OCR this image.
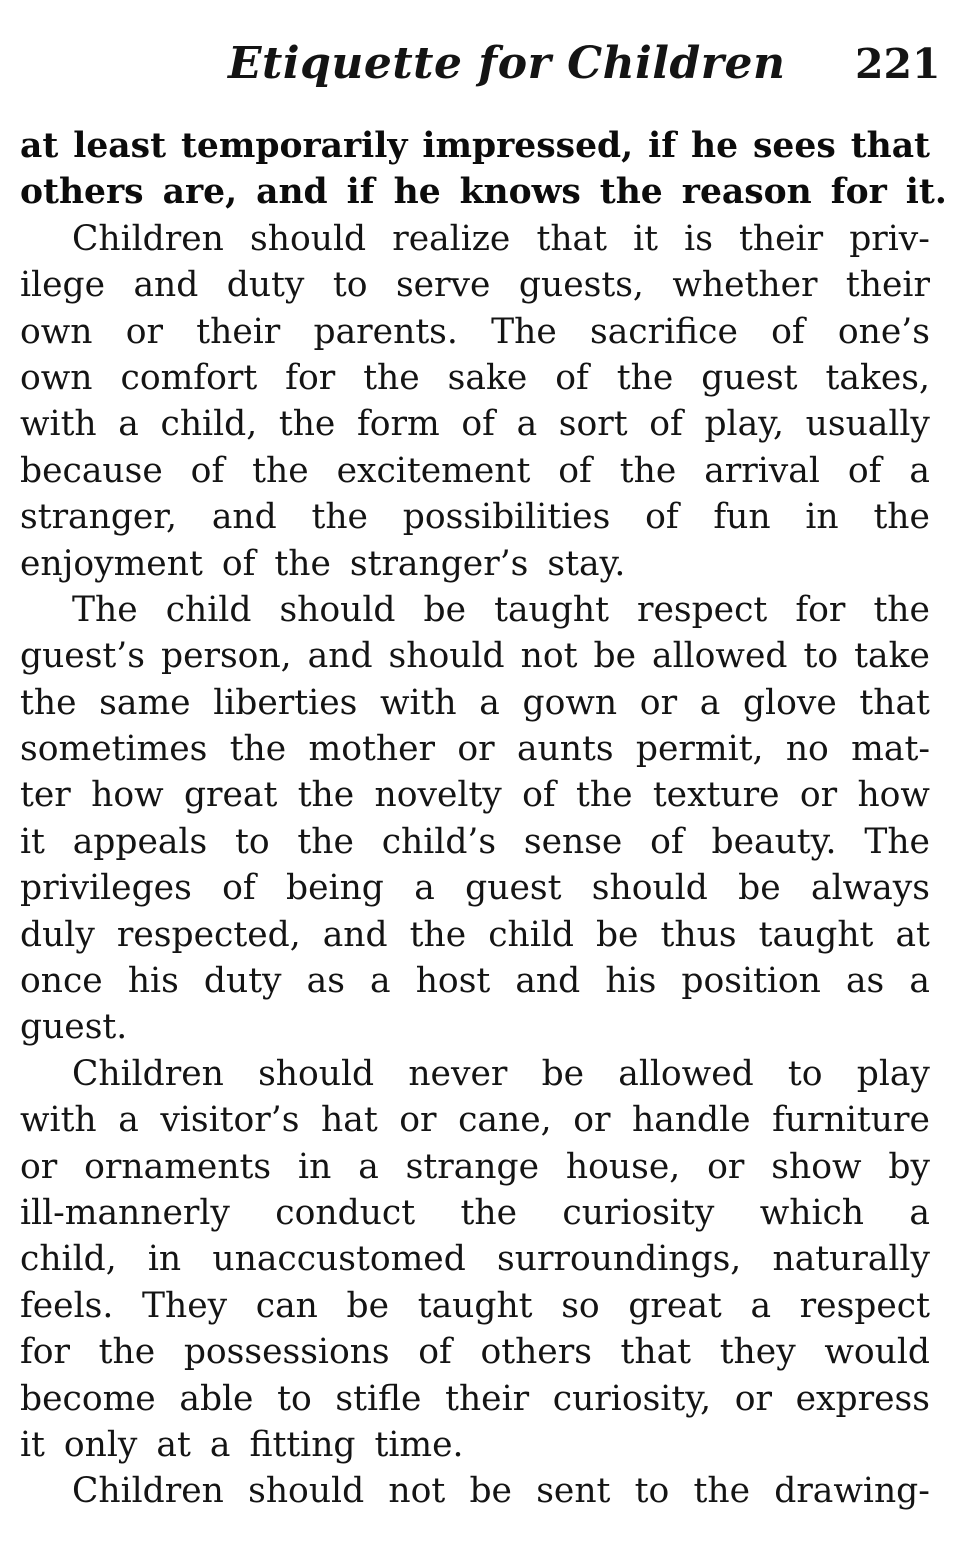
Etiquette for Children 221
at least temporarily impressed, if he sees that
others are, and if he knows the reason for it.
Children should realize that it is their priv-
ilege and duty to serve guests, whether their
own or their parents. The sacrifice of one’s
own comfort for the sake of the guest takes,
with a child, the form of a sort of play, usually
because of the excitement of the arrival of a
stranger, and the possibilities of fun in the
enjoyment of the stranger’s stay.
The child should be taught respect for the
guest’s person, and should not be allowed to take
the same liberties with a gown or a glove that
sometimes the mother or aunts permit, no mat-
ter how great the novelty of the texture or how
it appeals to the child’s sense of beauty. The
privileges of being a guest should be always
duly respected, and the child be thus taught at
once his duty as a host and his position as a
guest.
Children should never be allowed to play
with a visitor’s hat or cane, or handle furniture
or ornaments in a strange house, or show by
ill-mannerly conduct the curiosity which a
child, in unaccustomed surroundings, naturally
feels. They can be taught so great a respect
for the possessions of others that they would
become able to stifle their curiosity, or express
it only at a fitting time.
Children should not be sent to the drawing-
